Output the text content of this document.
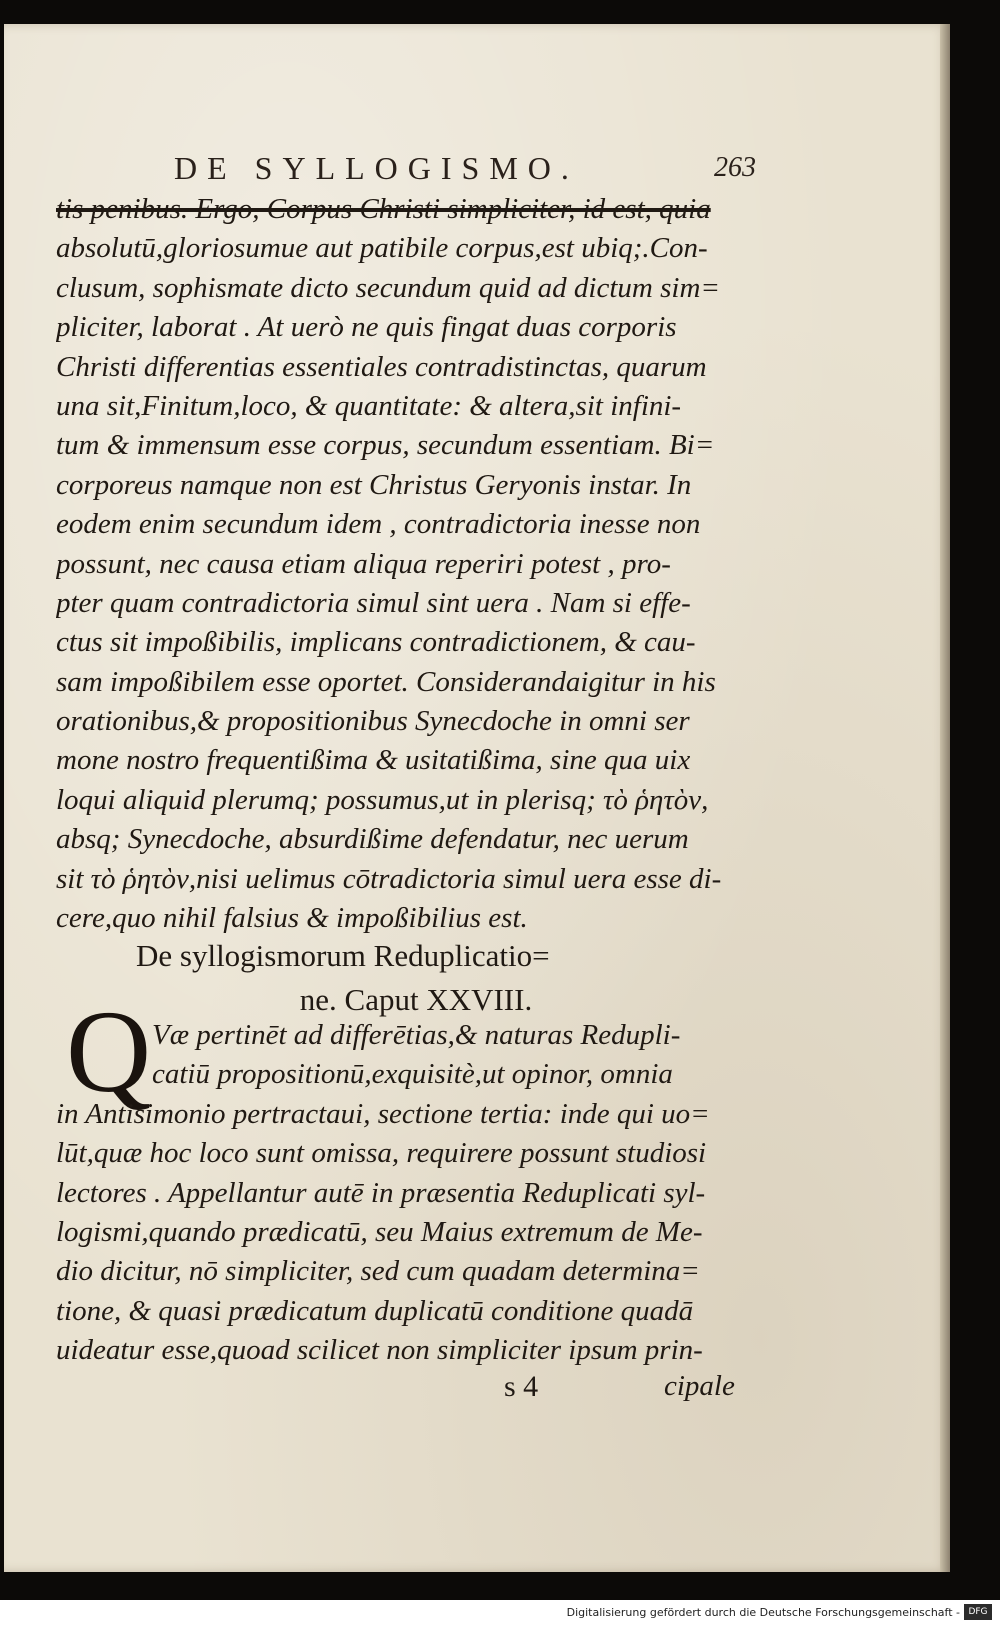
DE SYLLOGISMO.	263
tis penibus. Ergo, Corpus Christi simpliciter, id est, quia
absolutū,gloriosumue aut patibile corpus,est ubiq;.Con-
clusum, sophismate dicto secundum quid ad dictum sim=
pliciter, laborat . At uerò ne quis fingat duas corporis
Christi differentias essentiales contradistinctas, quarum
una sit,Finitum,loco, & quantitate: & altera,sit infini-
tum & immensum esse corpus, secundum essentiam. Bi=
corporeus namque non est Christus Geryonis instar. In
eodem enim secundum idem , contradictoria inesse non
possunt, nec causa etiam aliqua reperiri potest , pro-
pter quam contradictoria simul sint uera . Nam si effe-
ctus sit impoßibilis, implicans contradictionem, & cau-
sam impoßibilem esse oportet. Considerandaigitur in his
orationibus,& propositionibus Synecdoche in omni ser
mone nostro frequentißima & usitatißima, sine qua uix
loqui aliquid plerumq; possumus,ut in plerisq; τὸ ῥητὸν,
absq; Synecdoche, absurdißime defendatur, nec uerum
sit τὸ ῥητὸν,nisi uelimus cōtradictoria simul uera esse di-
cere,quo nihil falsius & impoßibilius est.
De syllogismorum Reduplicatio=
ne. Caput XXVIII.
Q Væ pertinēt ad differētias,& naturas Redupli-
catiū propositionū,exquisitè,ut opinor, omnia
in Antisimonio pertractaui, sectione tertia: inde qui uo=
lūt,quæ hoc loco sunt omissa, requirere possunt studiosi
lectores . Appellantur autē in præsentia Reduplicati syl-
logismi,quando prædicatū, seu Maius extremum de Me-
dio dicitur, nō simpliciter, sed cum quadam determina=
tione, & quasi prædicatum duplicatū conditione quadā
uideatur esse,quoad scilicet non simpliciter ipsum prin-
s 4	cipale
Digitalisierung gefördert durch die Deutsche Forschungsgemeinschaft - DFG
